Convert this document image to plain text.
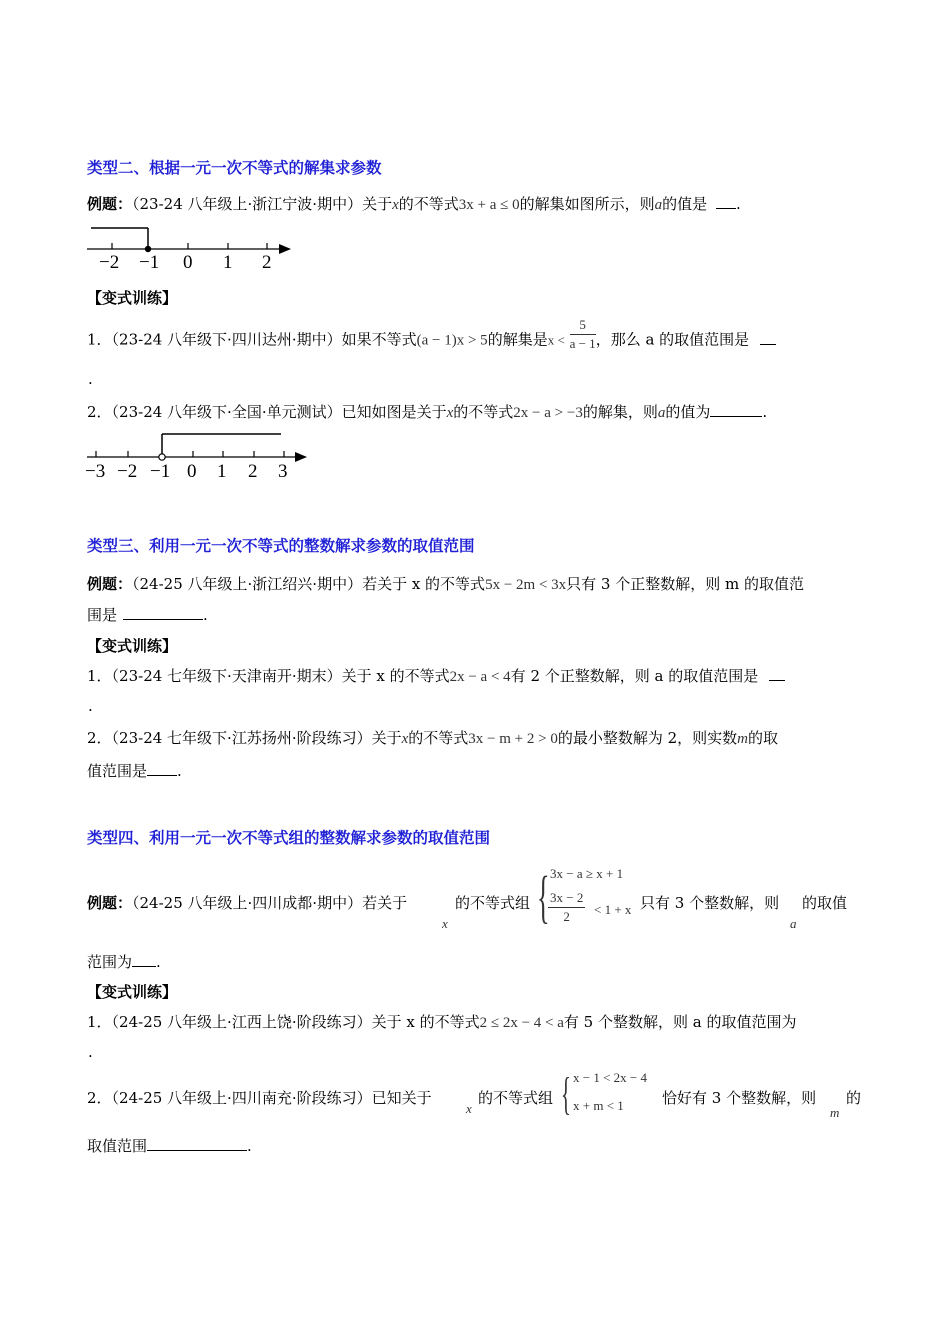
类型二、根据一元一次不等式的解集求参数
例题：（23-24 八年级上·浙江宁波·期中）关于x的不等式3x + a ≤ 0的解集如图所示，则a的值是 .
−2 −1 0 1 2
【变式训练】
1．（23-24 八年级下·四川达州·期中）如果不等式(a − 1)x > 5的解集是$x < \frac{5}{a - 1}$ ，那么 a 的取值范围是
.
2．（23-24 八年级下·全国·单元测试）已知如图是关于x的不等式2x − a > −3的解集，则a的值为	.
−3 −2 −1 0 1 2 3
类型三、利用一元一次不等式的整数解求参数的取值范围
例题：（24-25 八年级上·浙江绍兴·期中）若关于 x 的不等式5x − 2m < 3x只有 3 个正整数解，则 m 的取值范
围是	.
【变式训练】
1．（23-24 七年级下·天津南开·期末）关于 x 的不等式2x − a < 4有 2 个正整数解，则 a 的取值范围是
.
2．（23-24 七年级下·江苏扬州·阶段练习）关于x的不等式3x − m + 2 > 0的最小整数解为 2，则实数m的取
值范围是 .
类型四、利用一元一次不等式组的整数解求参数的取值范围
例题：（24-25 八年级上·四川成都·期中）若关于
x
的不等式组 { 3x − a ≥ x + 1
$\frac{3x - 2}{2} < 1 + x$ 只有 3 个整数解，则
a
的取值
范围为 .
【变式训练】
1．（24-25 八年级上·江西上饶·阶段练习）关于 x 的不等式2 ≤ 2x − 4 < a有 5 个整数解，则 a 的取值范围为
.
2．（24-25 八年级上·四川南充·阶段练习）已知关于
x
的不等式组 { x − 1 < 2x − 4
x + m < 1	恰好有 3 个整数解，则
m
的
取值范围	.
